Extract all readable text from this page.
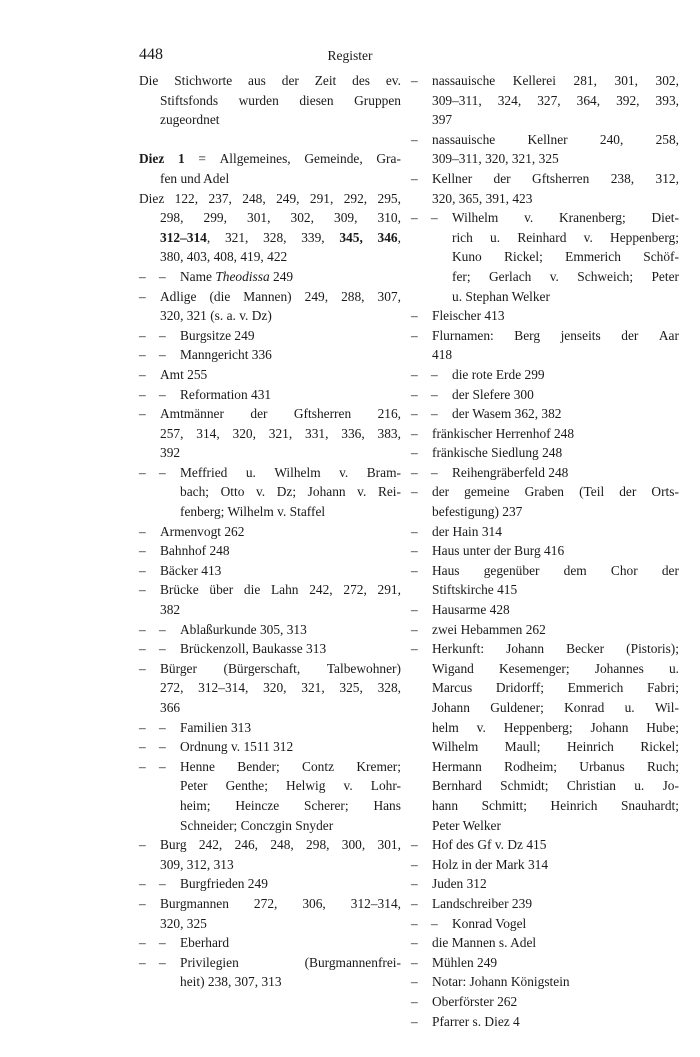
448	Register
Die Stichworte aus der Zeit des ev.
Stiftsfonds wurden diesen Gruppen
zugeordnet
Diez 1 = Allgemeines, Gemeinde, Gra-
fen und Adel
Diez 122, 237, 248, 249, 291, 292, 295,
298, 299, 301, 302, 309, 310,
312–314, 321, 328, 339, 345, 346,
380, 403, 408, 419, 422
– – Name Theodissa 249
– Adlige (die Mannen) 249, 288, 307,
320, 321 (s. a. v. Dz)
– – Burgsitze 249
– – Manngericht 336
– Amt 255
– – Reformation 431
– Amtmänner der Gftsherren 216,
257, 314, 320, 321, 331, 336, 383,
392
– – Meffried u. Wilhelm v. Bram-
bach; Otto v. Dz; Johann v. Rei-
fenberg; Wilhelm v. Staffel
– Armenvogt 262
– Bahnhof 248
– Bäcker 413
– Brücke über die Lahn 242, 272, 291,
382
– – Ablaßurkunde 305, 313
– – Brückenzoll, Baukasse 313
– Bürger (Bürgerschaft, Talbewohner)
272, 312–314, 320, 321, 325, 328,
366
– – Familien 313
– – Ordnung v. 1511 312
– – Henne Bender; Contz Kremer;
Peter Genthe; Helwig v. Lohr-
heim; Heincze Scherer; Hans
Schneider; Conczgin Snyder
– Burg 242, 246, 248, 298, 300, 301,
309, 312, 313
– – Burgfrieden 249
– Burgmannen 272, 306, 312–314,
320, 325
– – Eberhard
– – Privilegien	(Burgmannenfrei-
heit) 238, 307, 313
– nassauische Kellerei 281, 301, 302,
309–311, 324, 327, 364, 392, 393,
397
– nassauische Kellner 240, 258,
309–311, 320, 321, 325
– Kellner der Gftsherren 238, 312,
320, 365, 391, 423
– – Wilhelm v. Kranenberg; Diet-
rich u. Reinhard v. Heppenberg;
Kuno Rickel; Emmerich Schöf-
fer; Gerlach v. Schweich; Peter
u. Stephan Welker
– Fleischer 413
– Flurnamen: Berg jenseits der Aar
418
– – die rote Erde 299
– – der Slefere 300
– – der Wasem 362, 382
– fränkischer Herrenhof 248
– fränkische Siedlung 248
– – Reihengräberfeld 248
– der gemeine Graben (Teil der Orts-
befestigung) 237
– der Hain 314
– Haus unter der Burg 416
– Haus gegenüber dem Chor der
Stiftskirche 415
– Hausarme 428
– zwei Hebammen 262
– Herkunft: Johann Becker (Pistoris);
Wigand Kesemenger; Johannes u.
Marcus Dridorff; Emmerich Fabri;
Johann Guldener; Konrad u. Wil-
helm v. Heppenberg; Johann Hube;
Wilhelm Maull; Heinrich Rickel;
Hermann Rodheim; Urbanus Ruch;
Bernhard Schmidt; Christian u. Jo-
hann Schmitt; Heinrich Snauhardt;
Peter Welker
– Hof des Gf v. Dz 415
– Holz in der Mark 314
– Juden 312
– Landschreiber 239
– – Konrad Vogel
– die Mannen s. Adel
– Mühlen 249
– Notar: Johann Königstein
– Oberförster 262
– Pfarrer s. Diez 4
